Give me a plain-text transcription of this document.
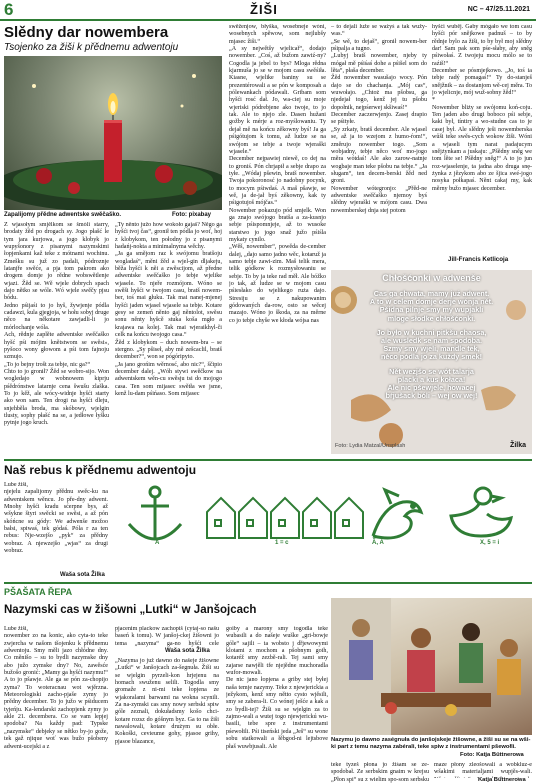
6	ŽIŠI	NC – 47/25.11.2021
Slědny dar nowembera
Tsojenko za žiši k přědnemu adwentoju
Zapalijomy přědne adwentske swěčaško.	Foto: pixabay
Z wjasołym smjělkom se šmóli starry, brodaty žěd po drogach sy. Jogo płašć le tym jara kurjowa, a jogo klobyk jo wupyšonory z pisanymi nazymskimi łopjenkami kaž teke z mótnami wochinu. Zmešku su juž zo padali, pódroznje latanjře swěće, a pja tom pakrom ako drogem domje jo rědne wobswětlenje wjazi. Žěd se. Wě wjele dobrych spach dajo nětko se wóle. Wó wjele swěčy pjsu bódu.
Jedno pśijaśi to jo hyš, žywjenje pódla cadawzi, kula gjegjoja, w hołu sobyj druge něco na někotare zawjadli-li jo mórlochanje wóla.
Ach, rědnje zaplěte adwentske swěčaško hyšć pśi mójim knětstwom se swěsi», pyšoco wony głowom a pśi tom fajnoju szmujo.
„To jo bejny trošt za tebje, nic ga?“
Chto to jo gronił? Žěd se wobro-sijo. Won wogledajo w wobnowem kiprju pśědrónstwe latarnje cena šwušu zlaška. To jo kěž, ale wócy-widnje hyšći starty ako won sam. Ten drogi na hyšći dleju, snjehběla broda, ma skóbowy, wjelgin tlusty, sophy płašć na se, a jedłowe łyšku pytnje jogo kruch.
„Ty něnto južo how wokoło gajaš? Něgo ga hyšći tvoj čas“, gronił ten pódla jo woť, hoj z klobykom, ten połodny jo z pisanymi hadańj-nokta a minimalnyma wěchy.
„Ja ga smějom raz k swójomu bratšoju wogladaś“, měni žěd a wjel-gin dljakeju, běža hyšći k něi a zwěscijom, až předne adwentske swěčaško jo tebje wjelike wjasele. To njeře rozmójom. Wóno se swěši hyšći w twojom casu, bratš nowem-ber, toś mai głuku. Tak mai nanej-mjenej hyšći jaden wjasel wjasele sa tebje. Kotare gesy se zemeń něnto gaj něntolot, swěsu sonu něnty hyšcě stuka koša mgło a krajawa na kolej. Tak mai wjeraikhyl-či celk na końcu twojogo casa.“
Žěd z klobykom – duch nowem-bra – se stergno. „Sy pšiseł, aby mě zešcaclil, bratš december?“, won se pógóripyto.
„Ja jano grońim wěrnosć, abo nic?“, ščipio december dalej. „Wóh stywi swěčkow na adwentskem wěn-cu swěsju tsi do mojogo casa. Ten som mijasec swětła we jsme, kenž lu-dam pśińaso. Som mijasec
swěženjow, błyška, wosebneje wóni, wosebnych spěwow, som nejlubšy mjasec žiši.“
„A sy nejwětšy wjelicař“, dodajo nowember. „Coś, až bužom zawiź-ny? Cogodla ja jebel to bys? Mloga rědna kjarmuša jo se w mojom casu swěśiła. Kiasne, wjelike baniny su se prezentérowali a se pón w komposah a pólewankach pódawali. Gribam som hyšći rosć dał. Jo, wa-ciej su moje wjeriski pódrebjene ako twoje, to jo tak. Ale to njejo zle. Dasen hužani gožby k mérje a roz-myślowaniu. Ty dejał mě na końcu zěkowny byś! Ja ga pśigótujom k tomu, až ludze se na swójom se tebje a twoje wjeraški wjasele.“
December nejpawiej niewě, co dej na to groniś. Pón chrjapił a sebje drapo za tyłe. „Wódaj pšewin, bratš nowember. Twoja pokoronosć jo nadobny pocynk, to mocym pśiwdaś. A maš pšawje, se wě, ja de-jał byś zěkowny, kak ty pśigotujoš mójčas.“
Nowember pokazujo pód smjelk. Won ga znajo swójogo bratša a za-kusnjo sebje pśispomnjeje, až to wusoke starstwo jo jogo snaž južo pśiśla mykaty cynilo.
„Wěš, nowember“, powěda de-cember dalej, „dajo samo jadno wěc, kotaruž ja samo tebje zawi-zim. Maš telik mera, telik gódkow k rozmysłowaniu se sebje. To by ja teke rad měł. Ale bóžko jo tak, až ludze se w mojom casu pśiesłako do wjelikego ruża dajo. Stresiju se z nakupowanim gódowaných da-row, osto se wěcej mazajo. Wóno jo škoda, za na měrne co jo tebje chyše we kłoda wójsa nas
– to dejali luže se ważyś a tak wužy-was.“
„Se wě, to dejaš“, gronił nowem-ber pśipalja a tugno.
„Lubyj bratš nowember, njeby ty mógał mě pśiśaś dohe a pśišel som do lěta“, płaša december.
Žěd nowember wasušajo wocy. Pón dajo se do chachanja. „Mój cas“, wuwołajo. „Chtoż ma pšobsu, ga njedejał togo, kenž jej tu pšobu dopołnik, nejpśerwej skšiwaś!“
December zaczerwjenjo. Zasej drapio se pśityłe.
„Sy zrkaty, bratš december. Ale wjasel se, až ja to wzejom z humo-ŕom!“, změrujo nowember togo. „Som wobjadny, tebje něco woť mo-jogo měra wótdaś! Ale ako zarow-natnje wogbaje man teke pšobu na tebje.“ „Ja sługam“, ten decem-berski žěd ned groni.
Nowember wótegronjo: „Přěd-ne adwentske swěčaško njemoy byś slědny wjeraški w mójom casu. Dwa nowemberskej dnja stej potom
hyšći wuběj. Gaby mógało we tom casu hyšći pór snějkowe padnuš – to by rědnje bylo za žiši, to by był moj slědny dar! Sam pak som pśe-słaby, aby sněg pśiwołaś. Z twojeju mocu mólo se to raźiš!“
December se pósmjejkowo. „Jo, toś ia tebje radý pomagaś!“ Ty do-stanješ snějžnik – za dostanjom wě-cej měra. To jo wjelicnje, mój wuž-sobny žěd!“
*
Nowember bliży se swójomu koń-coju. Ten jaden abo drugi boboco pśi sebje, kaki był, tíntiry a wo-studne cas to je casej był. Ale slědny ješi nowemberska wůši teke swěs-cych wokow žiši. Wóni a wjaseli tym narat padajucym snějżynkam a juskaju: „Pšědny sněg we tom lěte se! Pšědny sněg!“ A to jo jun roz-wjaselenje, ta jadna abo druga snę-żynka z jězykom abo ze šjica swé-jogo nosyka połkapaś. Něnt cakaj my, kak měrny bužo mjasec december.
Jill-Francis Ketlicoja
Chłošćonki w adwenše
Cas ga chwata, mamy już adwent.
A to w celem domje derje wónja nět.
Pšidna pilnje smy my wupjakli
mloge słodke chłošćonki.
Jo było w kuchni pitkšu chaosa,
ale wusledk se nam spodoba.
Szmy smy wjeli, mandle tek,
něco pódla jo za kuždy smek!
Nět wezjšo se wót talarja
placki a kus kołaca!
Ale nic pšewjele, howacej
bŕjušack bóli – wej ow wej!
Foto: Lydia Matzal/Unsplash	Žilka
Naš rebus k přědnemu adwentoju
Lube žiši,
njejelu zapalijomy přědnu swěc-ku na adwentskem wěncu. Jo pře-dny adwent. Mnohy hyšći kradu sćerpne bys, až wšykne štyri swěcki se swěsi, a až pón skóńcne su gódy: We adwenše možoo bałsi, spiwaś, tek gódaś. Póla r za ten rebus: Nje-wzejšo „pyk“ za přědny wobraz. A njewzejšo „wjas“ za drugi wobraz.
Waša sota Žilka
A	1 = c	Ã, A	X, 5 = i
PŠAŠATA ŘEPA
Nazymski cas w žišowni „Lutki“ w Janšojcach
Lube žiši,
nowember zo na konic, ako cyta-to teke zwjercha w našom tšojenku k přědnemu adwentoju. Smy měli jazo chłódne dny. Co měnišo – su to bydli nazymske dny abo južo zymske dny? No, zawěsće bužošo gronić: „Mamy ga hyšći nazymu!“ A to jo pšawje. Ale ga se pón za-chopijo zyma? To woteracnau wot wjěrzna. Meteorologiski zacho-pjaše zymy jo prědny december. To jo južo w pśiducem tyjeńju. Ka-lendarski zachopjenk zymy jo akle 21. decembera. Co se vam lepjej spodoba? Na každy pad: Typske „nazymske“ debjeky se nětko by-jo gože, tek gaž njique woť was bužo pšobeny adwent-ucejski a z
pjacenim plackow zachopiš (cytaj-so našu baseń k tomu). W janšoj-ckej žišowni jo tema „nazyma“ ga-no hyšći cele
Waša sota Žilka
„Nazyma jo juž dawno do našeje žišowne „Lutki“ w Janšojcach za-šegnuła. Žiši su se wjelgin pyrzeli-kon hrjejenu na homach swuženu selili. Togodla smy gromaže z ni-mi teke łopjena ze wjakoralami barwami na wokna scynili. Za na-zymski cas smy nowy serbski spiw góle zeznali, dokuładsmy košo chci-kotare rozsz do góšnym byz. Ga to na žiši nawalowali, kotare drużym su obłe. Kokoški, cevieume gohy, pjasoe grihy, pjasoe blazance,
goiby a marony smy togodla teke wubasili a do našeje wuške „gri-bowje góle“ sajili – ta wobsto j dřjewowymi klotami z mochom a pšobnym goih, kotaréž smy zezbě-rali. Tej sami smy zajarse nawjěli tfe njejědne muchoradla wufor-mowali.
De nic jano łopjena a griby stej byłej naša temje nazymy. Teke z njewjerickia a ježykom, kenž smy nětto cysto wjěsili, smy se zabera-li. Co wónej ješće a kak a zo bydli-tej? Žiši su se wjelgin za to zajmo-wali a wutej togo njewjerickú wu-basili, tebe spre z instrumentami pśewołili. Pśi tiseński jeda „Ješ“ su wone sobu statkowali a łěbgod-ni lejtsbove płaš wuwbjusali. Ale
Nazymu jo dawno zaségnuła do janšojskeje žišowne, a žiši su se na wši-ki part z temu nazyma zabérali, teke spiw z instrumentami pšewołli.
Foto: Katja Büttnerowa
teke tyzeš płona jo žiśam se ze-spodobał. Ze serbskim gnaim w krejsu „Płon spi“ su z wielim spo-som serbsku
maze płony zleošowali a wobkluz-e wšakimi materialjami wupjěs-wali.
Katja Büttnerowa
